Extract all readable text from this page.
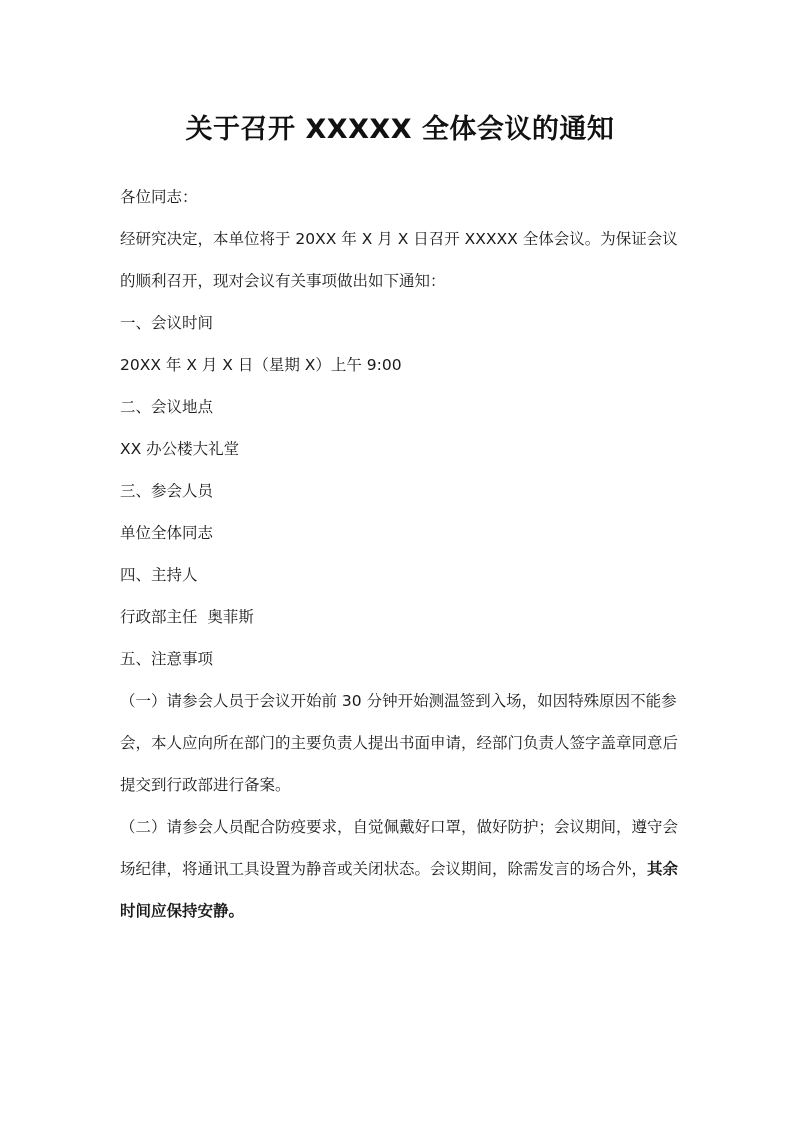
关于召开 XXXXX 全体会议的通知

各位同志：

经研究决定，本单位将于 20XX 年 X 月 X 日召开 XXXXX 全体会议。为保证会议的顺利召开，现对会议有关事项做出如下通知：

一、会议时间

20XX 年 X 月 X 日（星期 X）上午 9:00

二、会议地点

XX 办公楼大礼堂

三、参会人员

单位全体同志

四、主持人

行政部主任  奥菲斯

五、注意事项

（一）请参会人员于会议开始前 30 分钟开始测温签到入场，如因特殊原因不能参会，本人应向所在部门的主要负责人提出书面申请，经部门负责人签字盖章同意后提交到行政部进行备案。

（二）请参会人员配合防疫要求，自觉佩戴好口罩，做好防护；会议期间，遵守会场纪律，将通讯工具设置为静音或关闭状态。会议期间，除需发言的场合外，其余时间应保持安静。
